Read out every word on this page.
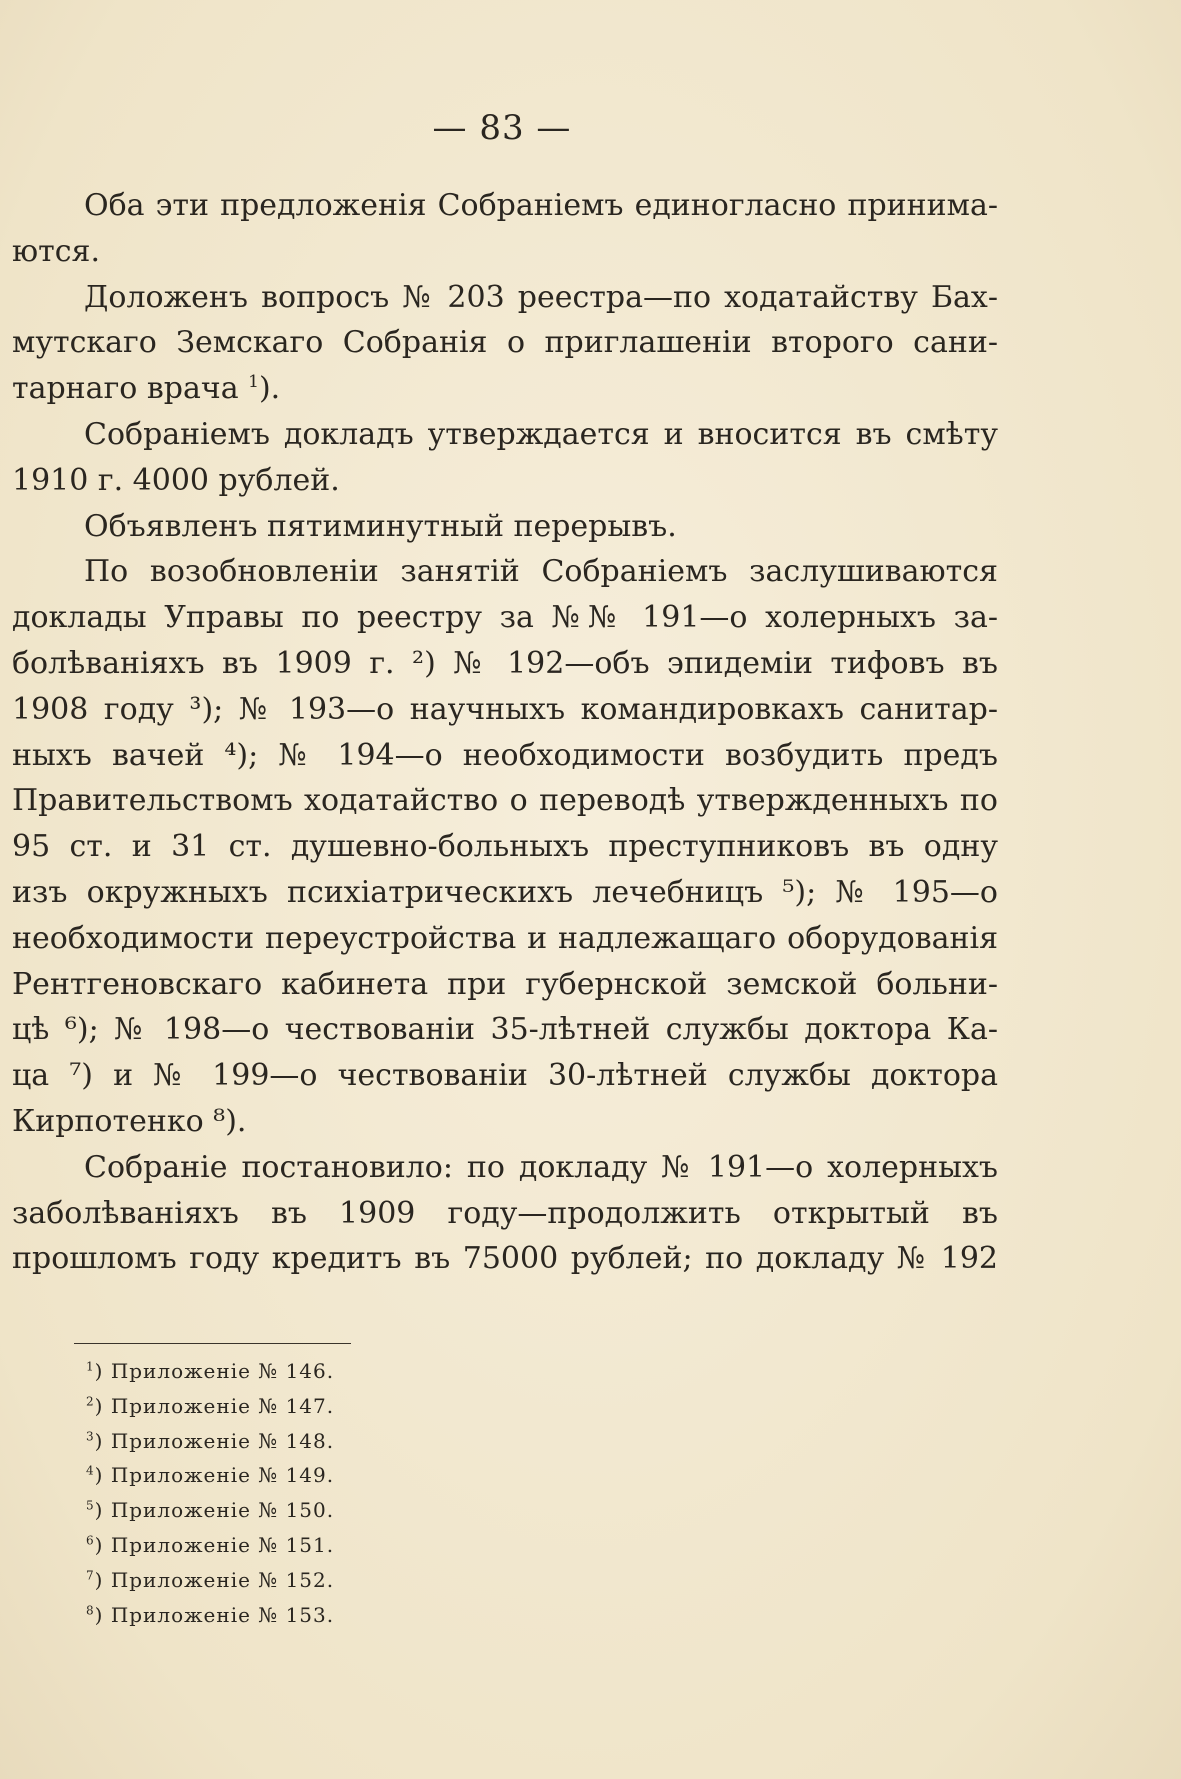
— 83 —
Оба эти предложенія Собраніемъ единогласно принима-
ются.
Доложенъ вопросъ № 203 реестра—по ходатайству Бах-
мутскаго Земскаго Собранія о приглашеніи второго сани-
тарнаго врача $^1$).
Собраніемъ докладъ утверждается и вносится въ смѣту
1910 г. 4000 рублей.
Объявленъ пятиминутный перерывъ.
По возобновленіи занятій Собраніемъ заслушиваются
доклады Управы по реестру за №№ 191—о холерныхъ за-
болѣваніяхъ въ 1909 г. ²) № 192—объ эпидеміи тифовъ въ
1908 году ³); № 193—о научныхъ командировкахъ санитар-
ныхъ вачей ⁴); № 194—о необходимости возбудить предъ
Правительствомъ ходатайство о переводѣ утвержденныхъ по
95 ст. и 31 ст. душевно-больныхъ преступниковъ въ одну
изъ окружныхъ психіатрическихъ лечебницъ ⁵); № 195—о
необходимости переустройства и надлежащаго оборудованія
Рентгеновскаго кабинета при губернской земской больни-
цѣ ⁶); № 198—о чествованіи 35-лѣтней службы доктора Ка-
ца ⁷) и № 199—о чествованіи 30-лѣтней службы доктора
Кирпотенко ⁸).
Собраніе постановило: по докладу № 191—о холерныхъ
заболѣваніяхъ въ 1909 году—продолжить открытый въ
прошломъ году кредитъ въ 75000 рублей; по докладу № 192
$^1$) Приложеніе № 146.
$^2$) Приложеніе № 147.
$^3$) Приложеніе № 148.
$^4$) Приложеніе № 149.
$^5$) Приложеніе № 150.
$^6$) Приложеніе № 151.
$^7$) Приложеніе № 152.
$^8$) Приложеніе № 153.
